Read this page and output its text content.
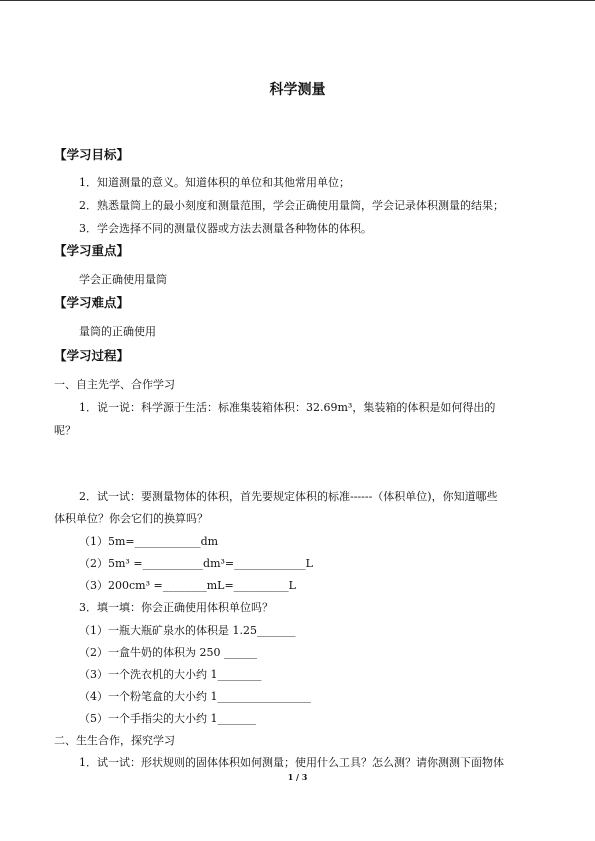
科学测量
【学习目标】
1．知道测量的意义。知道体积的单位和其他常用单位；
2．熟悉量筒上的最小刻度和测量范围，学会正确使用量筒，学会记录体积测量的结果；
3．学会选择不同的测量仪器或方法去测量各种物体的体积。
【学习重点】
学会正确使用量筒
【学习难点】
量筒的正确使用
【学习过程】
一、自主先学、合作学习
1．说一说：科学源于生活：标准集装箱体积：32.69m³，集装箱的体积是如何得出的
呢？
2．试一试：要测量物体的体积，首先要规定体积的标准------（体积单位)，你知道哪些
体积单位？你会它们的换算吗？
（1）5m=____________dm
（2）5m³ =___________dm³=_____________L
（3）200cm³ =________mL=__________L
3．填一填：你会正确使用体积单位吗？
（1）一瓶大瓶矿泉水的体积是 1.25_______
（2）一盒牛奶的体积为 250 ______
（3）一个洗衣机的大小约 1________
（4）一个粉笔盒的大小约 1_________________
（5）一个手指尖的大小约 1_______
二、生生合作，探究学习
1．试一试：形状规则的固体体积如何测量；使用什么工具？怎么测？请你测测下面物体
1 / 3
